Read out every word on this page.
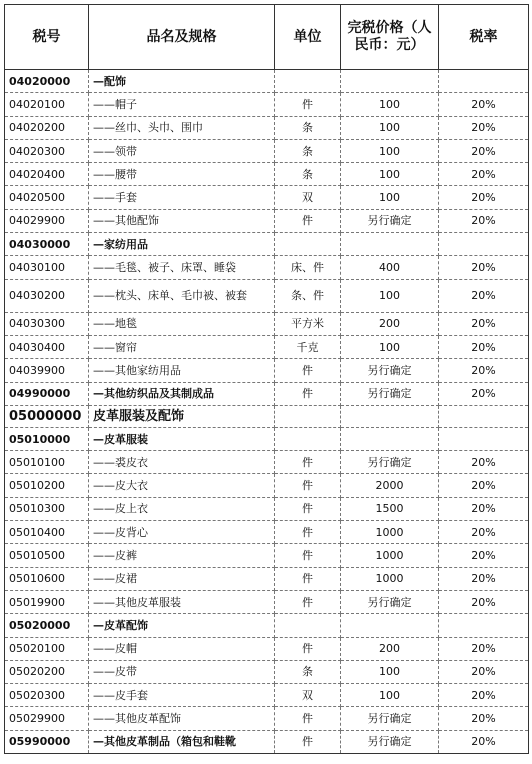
税号	品名及规格	单位	完税价格（人民币：元）	税率
04020000	—配饰			
04020100	——帽子	件	100	20%
04020200	——丝巾、头巾、围巾	条	100	20%
04020300	——领带	条	100	20%
04020400	——腰带	条	100	20%
04020500	——手套	双	100	20%
04029900	——其他配饰	件	另行确定	20%
04030000	—家纺用品			
04030100	——毛毯、被子、床罩、睡袋	床、件	400	20%
04030200	——枕头、床单、毛巾被、被套	条、件	100	20%
04030300	——地毯	平方米	200	20%
04030400	——窗帘	千克	100	20%
04039900	——其他家纺用品	件	另行确定	20%
04990000	—其他纺织品及其制成品	件	另行确定	20%
05000000	皮革服装及配饰			
05010000	—皮革服装			
05010100	——裘皮衣	件	另行确定	20%
05010200	——皮大衣	件	2000	20%
05010300	——皮上衣	件	1500	20%
05010400	——皮背心	件	1000	20%
05010500	——皮裤	件	1000	20%
05010600	——皮裙	件	1000	20%
05019900	——其他皮革服装	件	另行确定	20%
05020000	—皮革配饰			
05020100	——皮帽	件	200	20%
05020200	——皮带	条	100	20%
05020300	——皮手套	双	100	20%
05029900	——其他皮革配饰	件	另行确定	20%
05990000	—其他皮革制品（箱包和鞋靴	件	另行确定	20%
